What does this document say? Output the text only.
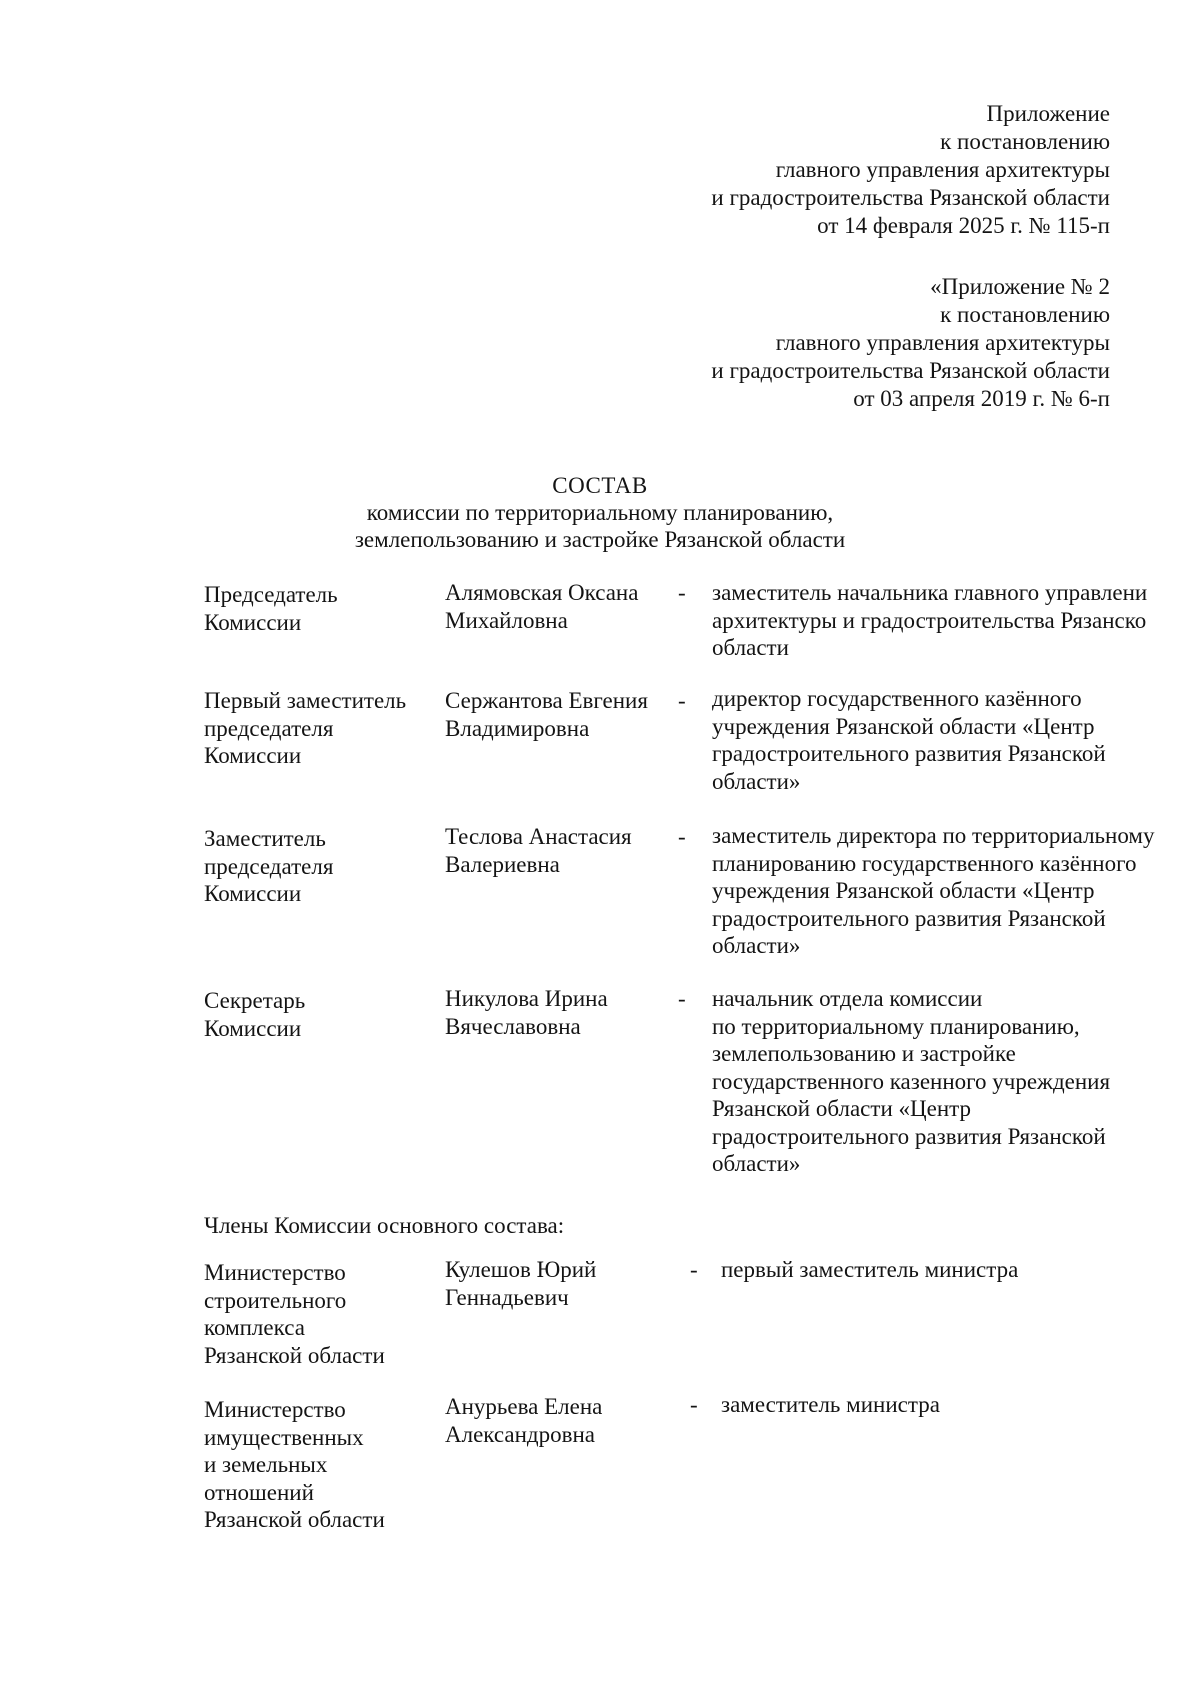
Приложение
к постановлению
главного управления архитектуры
и градостроительства Рязанской области
от 14 февраля 2025 г. № 115-п
«Приложение № 2
к постановлению
главного управления архитектуры
и градостроительства Рязанской области
от 03 апреля 2019 г. № 6-п
СОСТАВ
комиссии по территориальному планированию,
землепользованию и застройке Рязанской области
Председатель
Комиссии
Алямовская Оксана
Михайловна
- заместитель начальника главного управлени
архитектуры и градостроительства Рязанско
области
Первый заместитель
председателя
Комиссии
Сержантова Евгения
Владимировна
- директор государственного казённого
учреждения Рязанской области «Центр
градостроительного развития Рязанской
области»
Заместитель
председателя
Комиссии
Теслова Анастасия
Валериевна
- заместитель директора по территориальному
планированию государственного казённого
учреждения Рязанской области «Центр
градостроительного развития Рязанской
области»
Секретарь
Комиссии
Никулова Ирина
Вячеславовна
- начальник отдела комиссии
по территориальному планированию,
землепользованию и застройке
государственного казенного учреждения
Рязанской области «Центр
градостроительного развития Рязанской
области»
Члены Комиссии основного состава:
Министерство
строительного
комплекса
Рязанской области
Кулешов Юрий
Геннадьевич
- первый заместитель министра
Министерство
имущественных
и земельных
отношений
Рязанской области
Анурьева Елена
Александровна
- заместитель министра
